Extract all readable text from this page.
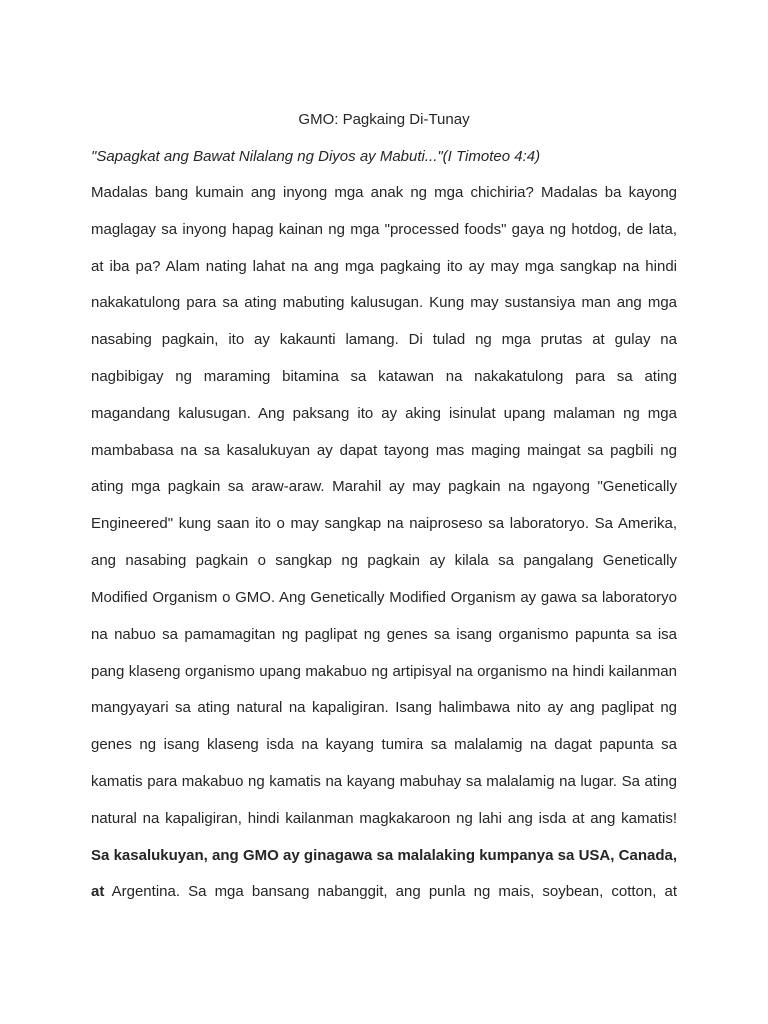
GMO: Pagkaing Di-Tunay
"Sapagkat ang Bawat Nilalang ng Diyos ay Mabuti..."(I Timoteo 4:4)
Madalas bang kumain ang inyong mga anak ng mga chichiria? Madalas ba kayong
maglagay sa inyong hapag kainan ng mga "processed foods" gaya ng hotdog, de lata,
at iba pa? Alam nating lahat na ang mga pagkaing ito ay may mga sangkap na hindi
nakakatulong para sa ating mabuting kalusugan. Kung may sustansiya man ang mga
nasabing pagkain, ito ay kakaunti lamang. Di tulad ng mga prutas at gulay na
nagbibigay ng maraming bitamina sa katawan na nakakatulong para sa ating
magandang kalusugan. Ang paksang ito ay aking isinulat upang malaman ng mga
mambabasa na sa kasalukuyan ay dapat tayong mas maging maingat sa pagbili ng
ating mga pagkain sa araw-araw. Marahil ay may pagkain na ngayong "Genetically
Engineered" kung saan ito o may sangkap na naiproseso sa laboratoryo. Sa Amerika,
ang nasabing pagkain o sangkap ng pagkain ay kilala sa pangalang Genetically
Modified Organism o GMO. Ang Genetically Modified Organism ay gawa sa laboratoryo
na nabuo sa pamamagitan ng paglipat ng genes sa isang organismo papunta sa isa
pang klaseng organismo upang makabuo ng artipisyal na organismo na hindi kailanman
mangyayari sa ating natural na kapaligiran. Isang halimbawa nito ay ang paglipat ng
genes ng isang klaseng isda na kayang tumira sa malalamig na dagat papunta sa
kamatis para makabuo ng kamatis na kayang mabuhay sa malalamig na lugar. Sa ating
natural na kapaligiran, hindi kailanman magkakaroon ng lahi ang isda at ang kamatis!
Sa kasalukuyan, ang GMO ay ginagawa sa malalaking kumpanya sa USA, Canada,
at Argentina. Sa mga bansang nabanggit, ang punla ng mais, soybean, cotton, at
